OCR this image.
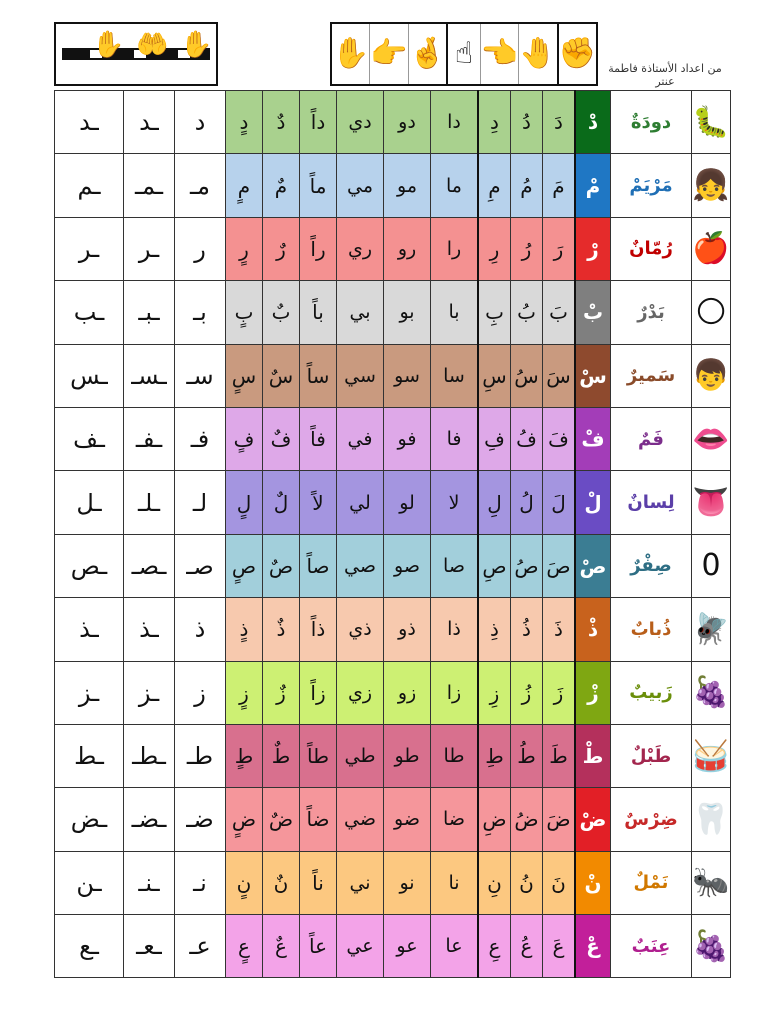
✋ 🤲 ✋	✋ 👉 🤞 ☝ 👈 🤚 ✊	من اعداد الأستاذة فاطمة عنتر
ـد	ـد	د	دٍ	دٌ	داً	دي	دو	دا	دِ	دُ	دَ	دْ	دودَةٌ	🐛
ـم	ـمـ	مـ	مٍ	مٌ	ماً	مي	مو	ما	مِ	مُ	مَ	مْ	مَرْيَمْ	👧
ـر	ـر	ر	رٍ	رٌ	راً	ري	رو	را	رِ	رُ	رَ	رْ	رُمّانٌ	🍎
ـب	ـبـ	بـ	بٍ	بٌ	باً	بي	بو	با	بِ	بُ	بَ	بْ	بَدْرٌ	🌕
ـس	ـسـ	سـ	سٍ	سٌ	ساً	سي	سو	سا	سِ	سُ	سَ	سْ	سَميرٌ	👦
ـف	ـفـ	فـ	فٍ	فٌ	فاً	في	فو	فا	فِ	فُ	فَ	فْ	فَمٌ	👄
ـل	ـلـ	لـ	لٍ	لٌ	لاً	لي	لو	لا	لِ	لُ	لَ	لْ	لِسانٌ	👅
ـص	ـصـ	صـ	صٍ	صٌ	صاً	صي	صو	صا	صِ	صُ	صَ	صْ	صِفْرٌ	0
ـذ	ـذ	ذ	ذٍ	ذٌ	ذاً	ذي	ذو	ذا	ذِ	ذُ	ذَ	ذْ	ذُبابٌ	🪰
ـز	ـز	ز	زٍ	زٌ	زاً	زي	زو	زا	زِ	زُ	زَ	زْ	زَبيبٌ	🍇
ـط	ـطـ	طـ	طٍ	طٌ	طاً	طي	طو	طا	طِ	طُ	طَ	طْ	طَبْلٌ	🥁
ـض	ـضـ	ضـ	ضٍ	ضٌ	ضاً	ضي	ضو	ضا	ضِ	ضُ	ضَ	ضْ	ضِرْسٌ	🦷
ـن	ـنـ	نـ	نٍ	نٌ	ناً	ني	نو	نا	نِ	نُ	نَ	نْ	نَمْلٌ	🐜
ـع	ـعـ	عـ	عٍ	عٌ	عاً	عي	عو	عا	عِ	عُ	عَ	عْ	عِنَبٌ	🍇
